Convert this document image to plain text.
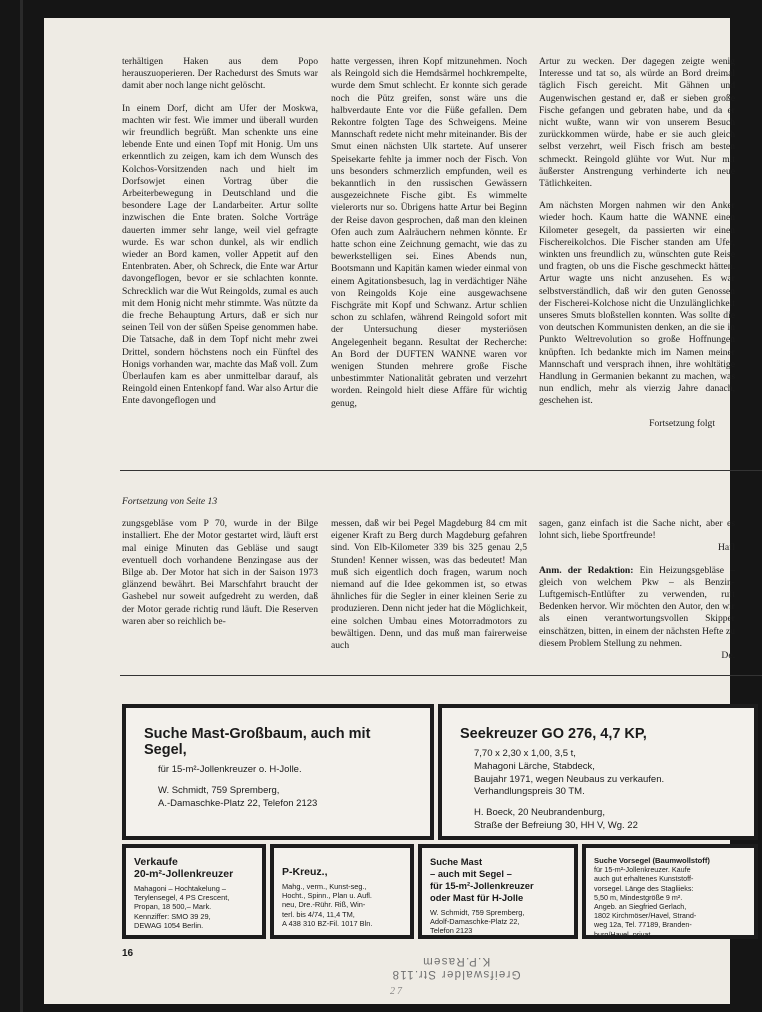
terhältigen Haken aus dem Popo herauszuoperieren. Der Rachedurst des Smuts war damit aber noch lange nicht gelöscht.

In einem Dorf, dicht am Ufer der Moskwa, machten wir fest. Wie immer und überall wurden wir freundlich begrüßt. Man schenkte uns eine lebende Ente und einen Topf mit Honig. Um uns erkenntlich zu zeigen, kam ich dem Wunsch des Kolchos-Vorsitzenden nach und hielt im Dorfsowjet einen Vortrag über die Arbeiterbewegung in Deutschland und die besondere Lage der Landarbeiter. Artur sollte inzwischen die Ente braten. Solche Vorträge dauerten immer sehr lange, weil viel gefragte wurde. Es war schon dunkel, als wir endlich wieder an Bord kamen, voller Appetit auf den Entenbraten. Aber, oh Schreck, die Ente war Artur davongeflogen, bevor er sie schlachten konnte. Schrecklich war die Wut Reingolds, zumal es auch mit dem Honig nicht mehr stimmte. Was nützte da die freche Behauptung Arturs, daß er sich nur seinen Teil von der süßen Speise genommen habe. Die Tatsache, daß in dem Topf nicht mehr zwei Drittel, sondern höchstens noch ein Fünftel des Honigs vorhanden war, machte das Maß voll. Zum Überlaufen kam es aber unmittelbar darauf, als Reingold einen Entenkopf fand. War also Artur die Ente davongeflogen und

hatte vergessen, ihren Kopf mitzunehmen. Noch als Reingold sich die Hemdsärmel hochkrempelte, wurde dem Smut schlecht. Er konnte sich gerade noch die Pütz greifen, sonst wäre uns die halbverdaute Ente vor die Füße gefallen. Dem Rekontre folgten Tage des Schweigens. Meine Mannschaft redete nicht mehr miteinander. Bis der Smut einen nächsten Ulk startete. Auf unserer Speisekarte fehlte ja immer noch der Fisch. Von uns besonders schmerzlich empfunden, weil es bekanntlich in den russischen Gewässern ausgezeichnete Fische gibt. Es wimmelte vielerorts nur so. Übrigens hatte Artur bei Beginn der Reise davon gesprochen, daß man den kleinen Ofen auch zum Aalräuchern nehmen könnte. Er hatte schon eine Zeichnung gemacht, wie das zu bewerkstelligen sei. Eines Abends nun, Bootsmann und Kapitän kamen wieder einmal von einem Agitationsbesuch, lag in verdächtiger Nähe von Reingolds Koje eine ausgewachsene Fischgräte mit Kopf und Schwanz. Artur schlien schon zu schlafen, während Reingold sofort mit der Untersuchung dieser mysteriösen Angelegenheit begann. Resultat der Recherche: An Bord der DUFTEN WANNE waren vor wenigen Stunden mehrere große Fische unbestimmter Nationalität gebraten und verzehrt worden. Reingold hielt diese Affäre für wichtig genug,

Artur zu wecken. Der dagegen zeigte wenig Interesse und tat so, als würde an Bord dreimal täglich Fisch gereicht. Mit Gähnen und Augenwischen gestand er, daß er sieben große Fische gefangen und gebraten habe, und da er nicht wußte, wann wir von unserem Besuch zurückkommen würde, habe er sie auch gleich selbst verzehrt, weil Fisch frisch am besten schmeckt. Reingold glühte vor Wut. Nur mit äußerster Anstrengung verhinderte ich neue Tätlichkeiten.

Am nächsten Morgen nahmen wir den Anker wieder hoch. Kaum hatte die WANNE einen Kilometer gesegelt, da passierten wir einen Fischereikolchos. Die Fischer standen am Ufer, winkten uns freundlich zu, wünschten gute Reise und fragten, ob uns die Fische geschmeckt hätten. Artur wagte uns nicht anzusehen. Es war selbstverständlich, daß wir den guten Genossen der Fischerei-Kolchose nicht die Unzulänglichkeit unseres Smuts bloßstellen konnten. Was sollte die von deutschen Kommunisten denken, an die sie in Punkto Weltrevolution so große Hoffnungen knüpften. Ich bedankte mich im Namen meiner Mannschaft und versprach ihnen, ihre wohltätige Handlung in Germanien bekannt zu machen, was nun endlich, mehr als vierzig Jahre danach, geschehen ist.

Fortsetzung folgt

Fortsetzung von Seite 13

zungsgebläse vom P 70, wurde in der Bilge installiert. Ehe der Motor gestartet wird, läuft erst mal einige Minuten das Gebläse und saugt eventuell doch vorhandene Benzingase aus der Bilge ab. Der Motor hat sich in der Saison 1973 glänzend bewährt. Bei Marschfahrt braucht der Gashebel nur soweit aufgedreht zu werden, daß der Motor gerade richtig rund läuft. Die Reserven waren aber so reichlich be-

messen, daß wir bei Pegel Magdeburg 84 cm mit eigener Kraft zu Berg durch Magdeburg gefahren sind. Von Elb-Kilometer 339 bis 325 genau 2,5 Stunden! Kenner wissen, was das bedeutet! Man muß sich eigentlich doch fragen, warum noch niemand auf die Idee gekommen ist, so etwas ähnliches für die Segler in einer kleinen Serie zu produzieren. Denn nicht jeder hat die Möglichkeit, eine solchen Umbau eines Motorradmotors zu bewältigen. Denn, und das muß man fairerweise auch

sagen, ganz einfach ist die Sache nicht, aber es lohnt sich, liebe Sportfreunde!

Hafl

Anm. der Redaktion: Ein Heizungsgebläse – gleich von welchem Pkw – als Benzin-Luftgemisch-Entlüfter zu verwenden, ruft Bedenken hervor. Wir möchten den Autor, den wir als einen verantwortungsvollen Skipper einschätzen, bitten, in einem der nächsten Hefte zu diesem Problem Stellung zu nehmen.

De.

Suche Mast-Großbaum, auch mit Segel,
für 15-m²-Jollenkreuzer o. H-Jolle.
W. Schmidt, 759 Spremberg,
A.-Damaschke-Platz 22, Telefon 2123
Seekreuzer GO 276, 4,7 KP,
7,70 x 2,30 x 1,00, 3,5 t,
Mahagoni Lärche, Stabdeck,
Baujahr 1971, wegen Neubaus zu verkaufen.
Verhandlungspreis 30 TM.
H. Boeck, 20 Neubrandenburg,
Straße der Befreiung 30, HH V, Wg. 22
Verkaufe
20-m²-Jollenkreuzer
Mahagoni – Hochtakelung –
Terylensegel, 4 PS Crescent,
Propan, 18 500,– Mark.
Kennziffer: SMO 39 29,
DEWAG 1054 Berlin.
P-Kreuz.,
Mahg., verm., Kunst-seg.,
Hocht., Spinn., Plan u. Aufl.
neu, Dre.-Rühr. Riß, Win-
terl. bis 4/74, 11,4 TM,
A 438 310 BZ-Fil. 1017 Bln.
Suche Mast
– auch mit Segel –
für 15-m²-Jollenkreuzer
oder Mast für H-Jolle
W. Schmidt, 759 Spremberg,
Adolf-Damaschke-Platz 22,
Telefon 2123
Suche Vorsegel (Baumwollstoff)
für 15-m²-Jollenkreuzer. Kaufe
auch gut erhaltenes Kunststoff-
vorsegel. Länge des Stagliieks:
5,50 m, Mindestgröße 9 m².
Angeb. an Siegfried Gerlach,
1802 Kirchmöser/Havel, Strand-
weg 12a, Tel. 77189, Branden-
burg/Havel, privat.
16
Greifswalder Str.118
K.P.Rasem
27
